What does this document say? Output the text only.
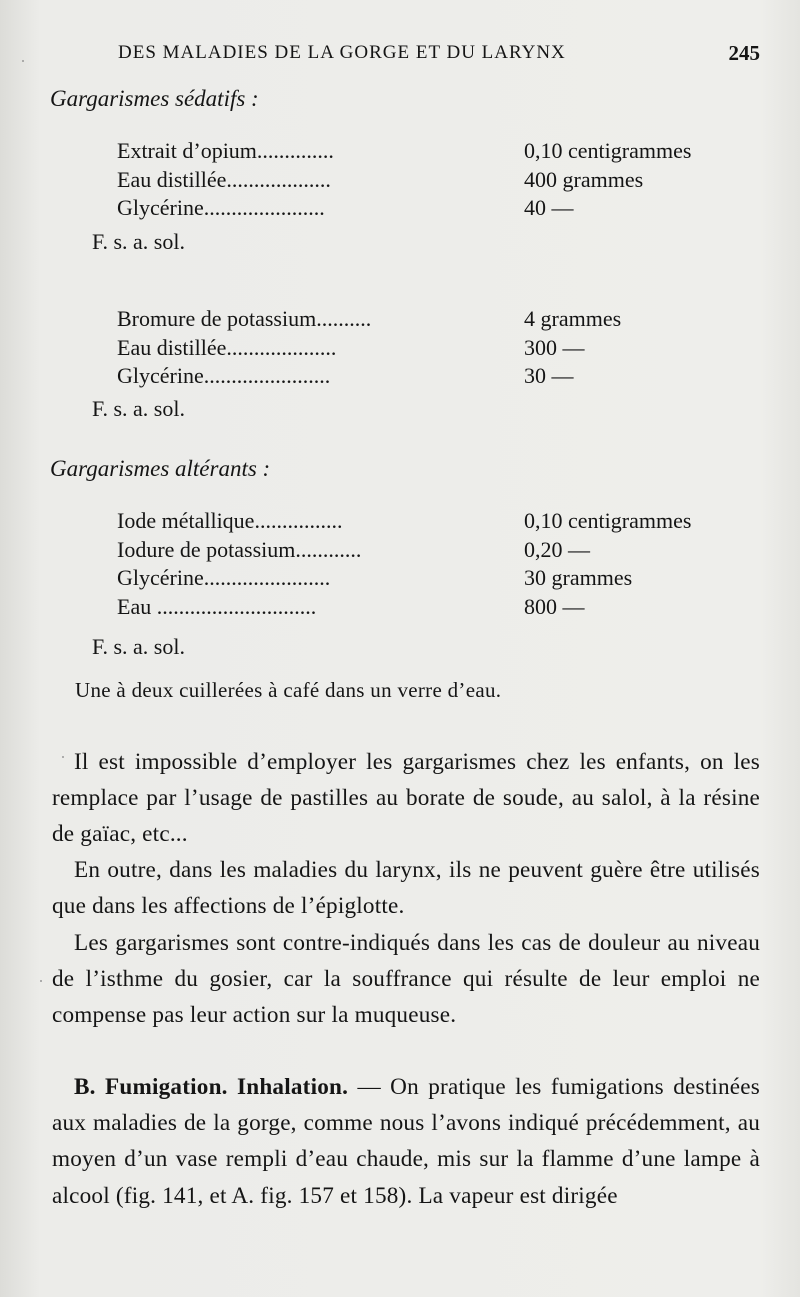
DES MALADIES DE LA GORGE ET DU LARYNX	245
Gargarismes sédatifs :
Extrait d’opium..............	0,10 centigrammes
Eau distillée...................	400 grammes
Glycérine......................	40 —
F. s. a. sol.
Bromure de potassium..........	4 grammes
Eau distillée....................	300 —
Glycérine.......................	30 —
F. s. a. sol.
Gargarismes altérants :
Iode métallique................	0,10 centigrammes
Iodure de potassium............	0,20 —
Glycérine.......................	30 grammes
Eau .............................	800 —
F. s. a. sol.
Une à deux cuillerées à café dans un verre d’eau.
Il est impossible d’employer les gargarismes chez les enfants, on les remplace par l’usage de pastilles au borate de soude, au salol, à la résine de gaïac, etc...
En outre, dans les maladies du larynx, ils ne peuvent guère être utilisés que dans les affections de l’épiglotte.
Les gargarismes sont contre-indiqués dans les cas de douleur au niveau de l’isthme du gosier, car la souffrance qui résulte de leur emploi ne compense pas leur action sur la muqueuse.
B. Fumigation. Inhalation. — On pratique les fumigations destinées aux maladies de la gorge, comme nous l’avons indiqué précédemment, au moyen d’un vase rempli d’eau chaude, mis sur la flamme d’une lampe à alcool (fig. 141, et A. fig. 157 et 158). La vapeur est dirigée
